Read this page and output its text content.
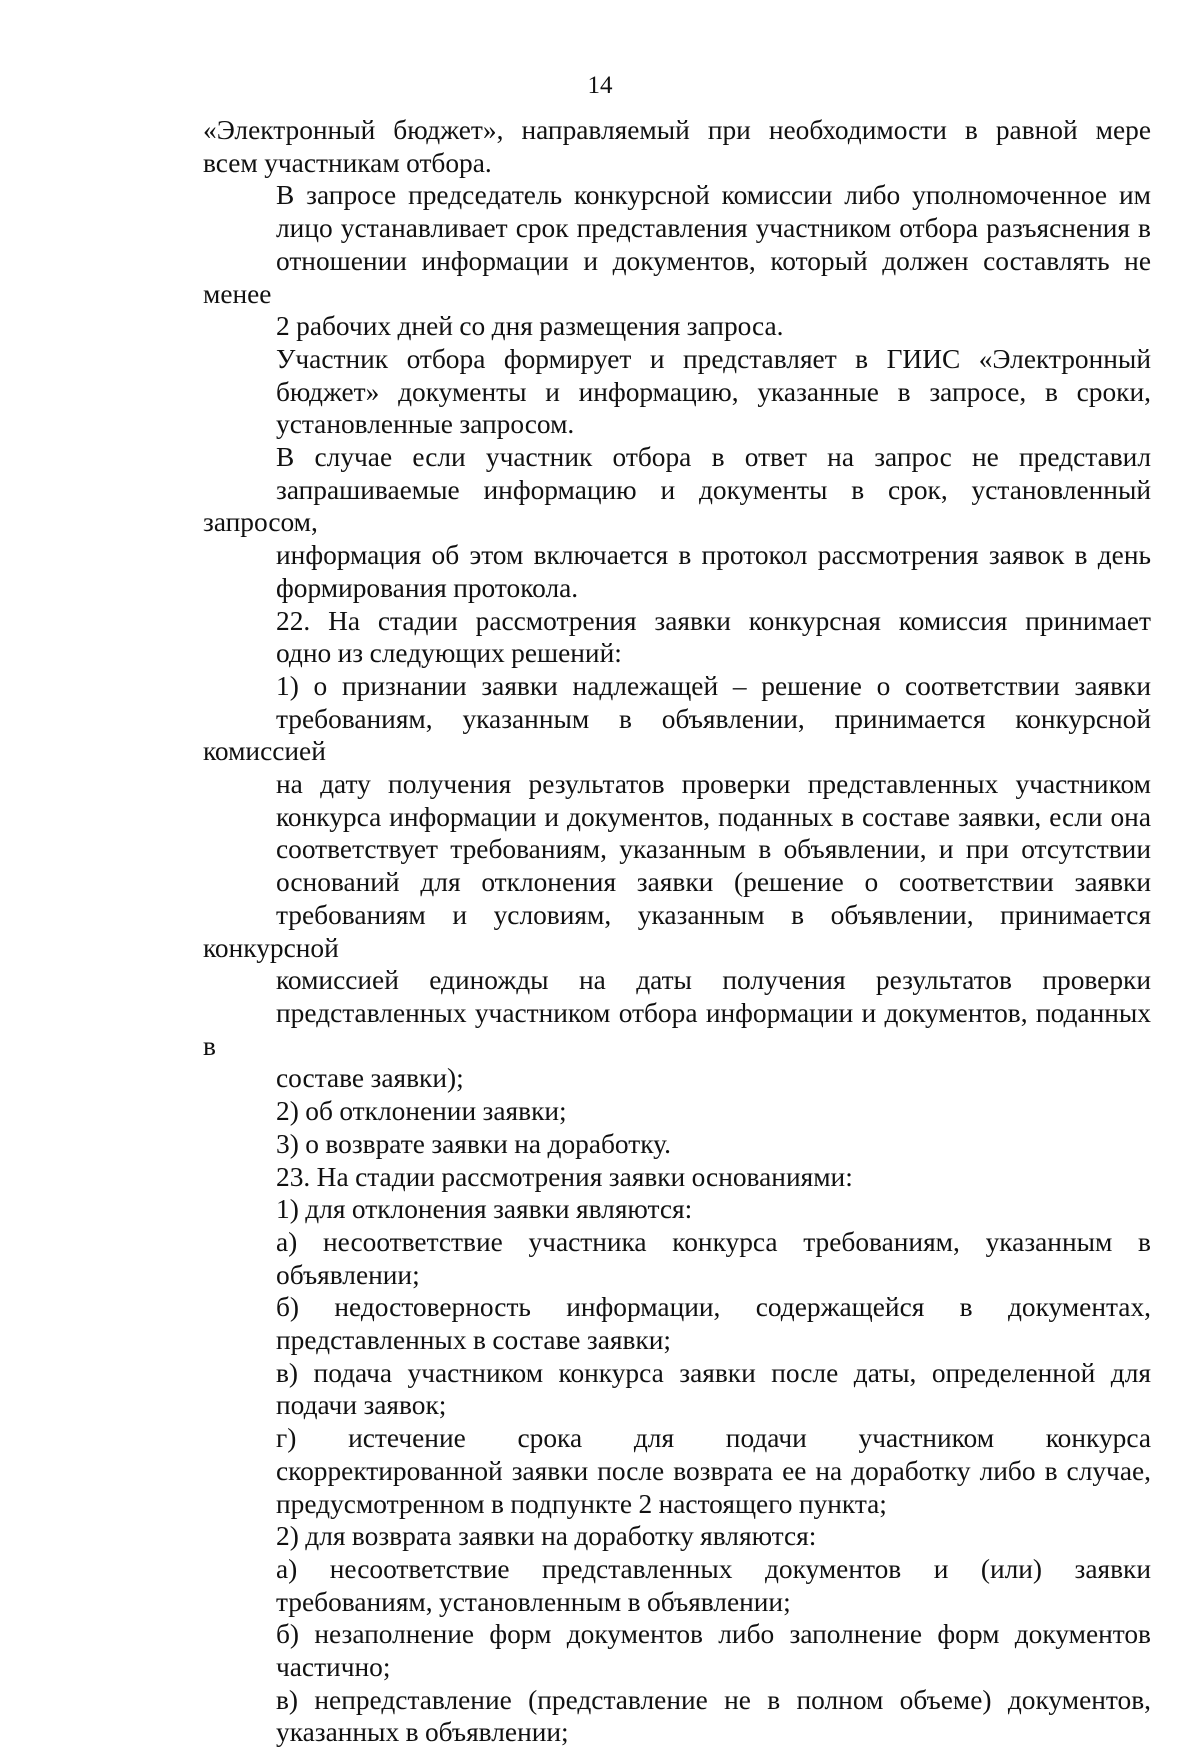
14

«Электронный бюджет», направляемый при необходимости в равной мере
всем участникам отбора.

В запросе председатель конкурсной комиссии либо уполномоченное им
лицо устанавливает срок представления участником отбора разъяснения в
отношении информации и документов, который должен составлять не менее
2 рабочих дней со дня размещения запроса.

Участник отбора формирует и представляет в ГИИС «Электронный
бюджет» документы и информацию, указанные в запросе, в сроки,
установленные запросом.

В случае если участник отбора в ответ на запрос не представил
запрашиваемые информацию и документы в срок, установленный запросом,
информация об этом включается в протокол рассмотрения заявок в день
формирования протокола.

22. На стадии рассмотрения заявки конкурсная комиссия принимает
одно из следующих решений:

1) о признании заявки надлежащей – решение о соответствии заявки
требованиям, указанным в объявлении, принимается конкурсной комиссией
на дату получения результатов проверки представленных участником
конкурса информации и документов, поданных в составе заявки, если она
соответствует требованиям, указанным в объявлении, и при отсутствии
оснований для отклонения заявки (решение о соответствии заявки
требованиям и условиям, указанным в объявлении, принимается конкурсной
комиссией единожды на даты получения результатов проверки
представленных участником отбора информации и документов, поданных в
составе заявки);

2) об отклонении заявки;

3) о возврате заявки на доработку.

23. На стадии рассмотрения заявки основаниями:

1) для отклонения заявки являются:

а) несоответствие участника конкурса требованиям, указанным в
объявлении;

б) недостоверность информации, содержащейся в документах,
представленных в составе заявки;

в) подача участником конкурса заявки после даты, определенной для
подачи заявок;

г) истечение срока для подачи участником конкурса
скорректированной заявки после возврата ее на доработку либо в случае,
предусмотренном в подпункте 2 настоящего пункта;

2) для возврата заявки на доработку являются:

а) несоответствие представленных документов и (или) заявки
требованиям, установленным в объявлении;

б) незаполнение форм документов либо заполнение форм документов
частично;

в) непредставление (представление не в полном объеме) документов,
указанных в объявлении;
